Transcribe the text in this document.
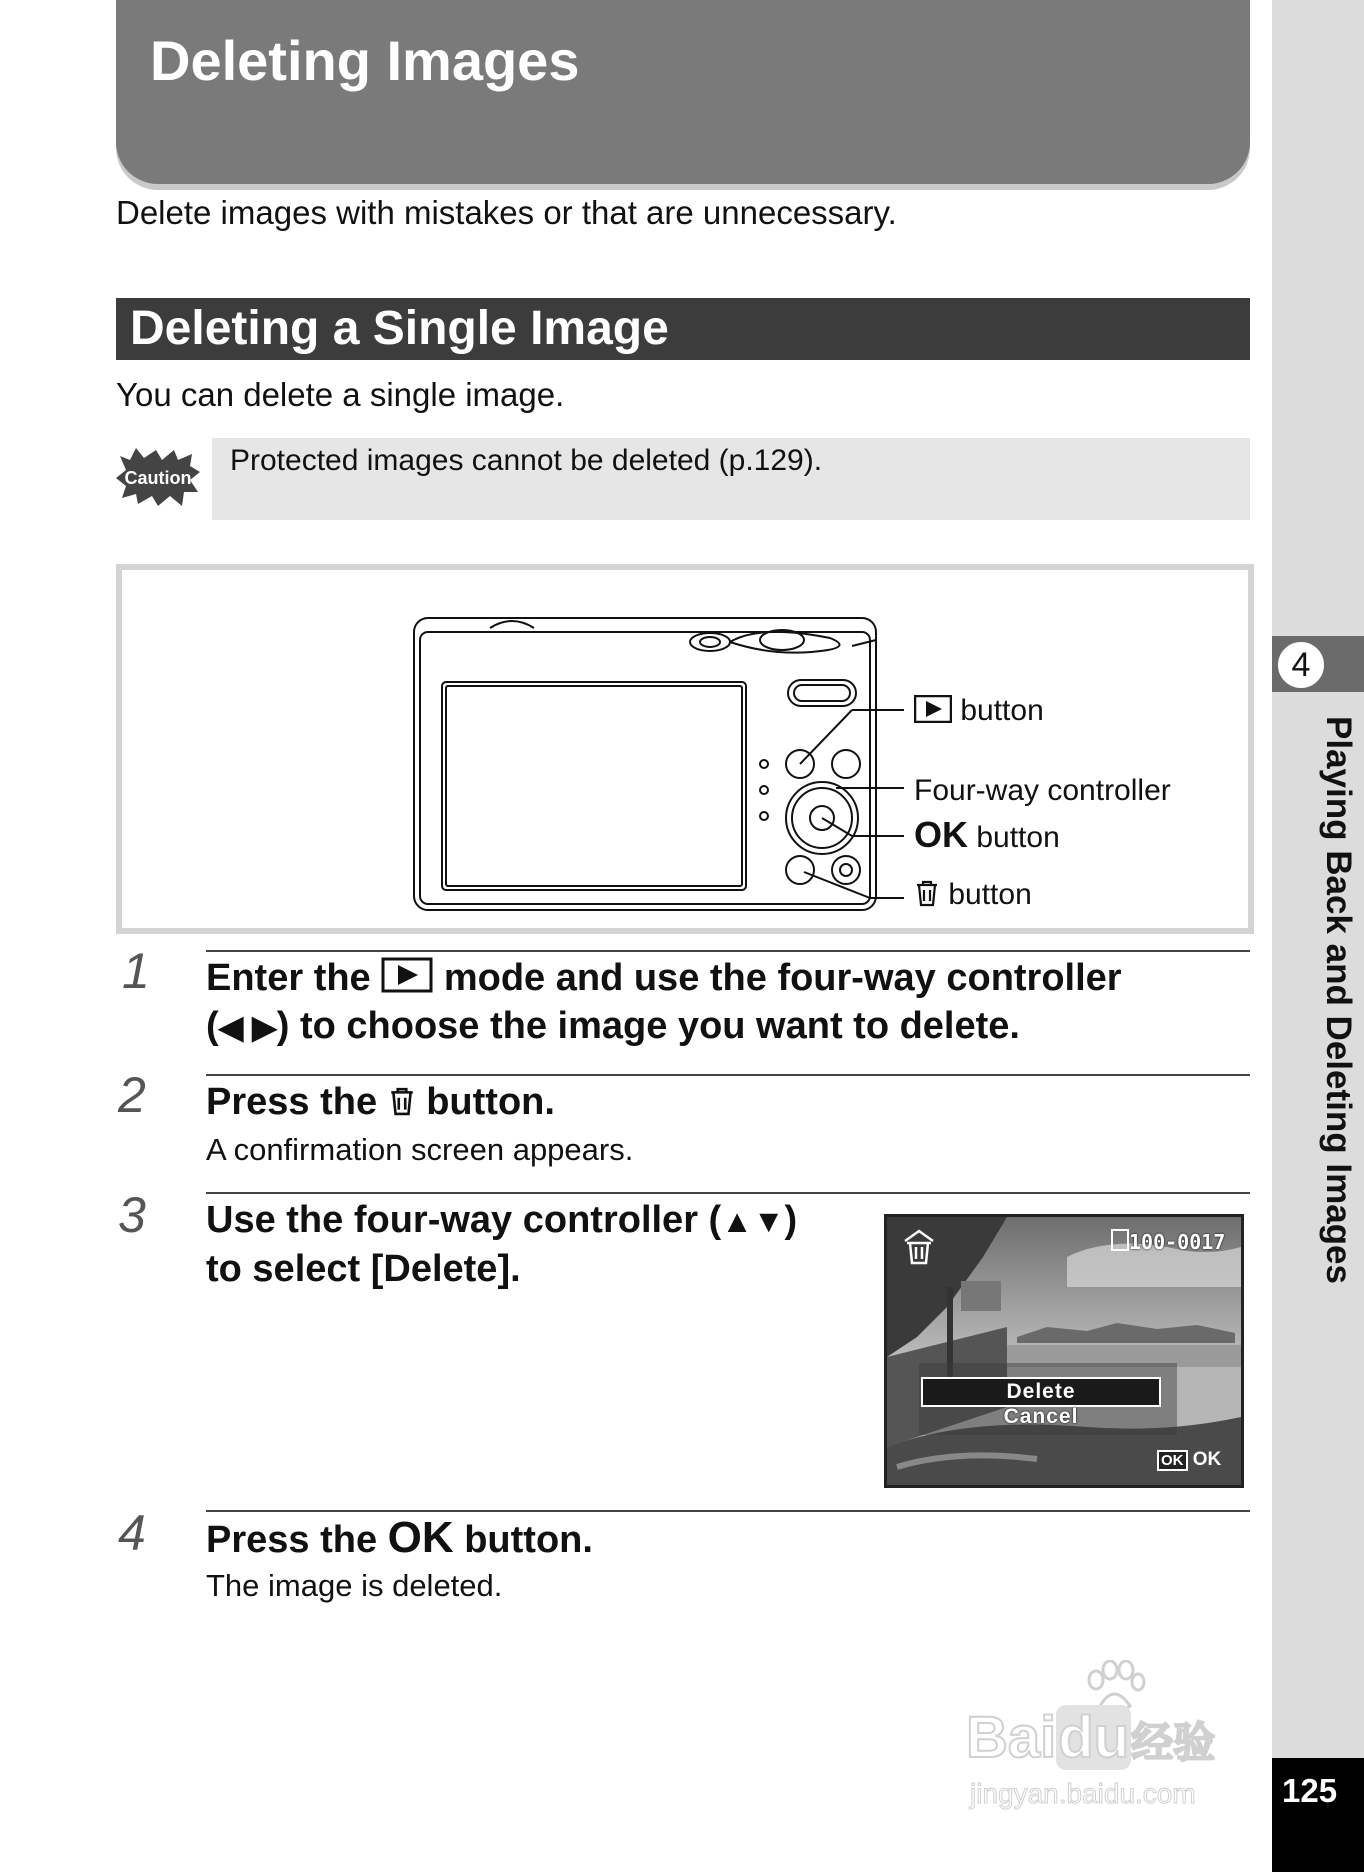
Deleting Images
Delete images with mistakes or that are unnecessary.
Deleting a Single Image
You can delete a single image.
Caution
Protected images cannot be deleted (p.129).
button
Four-way controller
OK button
button
1 Enter the mode and use the four-way controller
(◀ ▶) to choose the image you want to delete.
2 Press the button.
A confirmation screen appears.
3 Use the four-way controller (▲▼)
to select [Delete].
100-0017
Delete
Cancel
OK OK
4 Press the OK button.
The image is deleted.
4
Playing Back and Deleting Images
125
Baidu经验
jingyan.baidu.com
